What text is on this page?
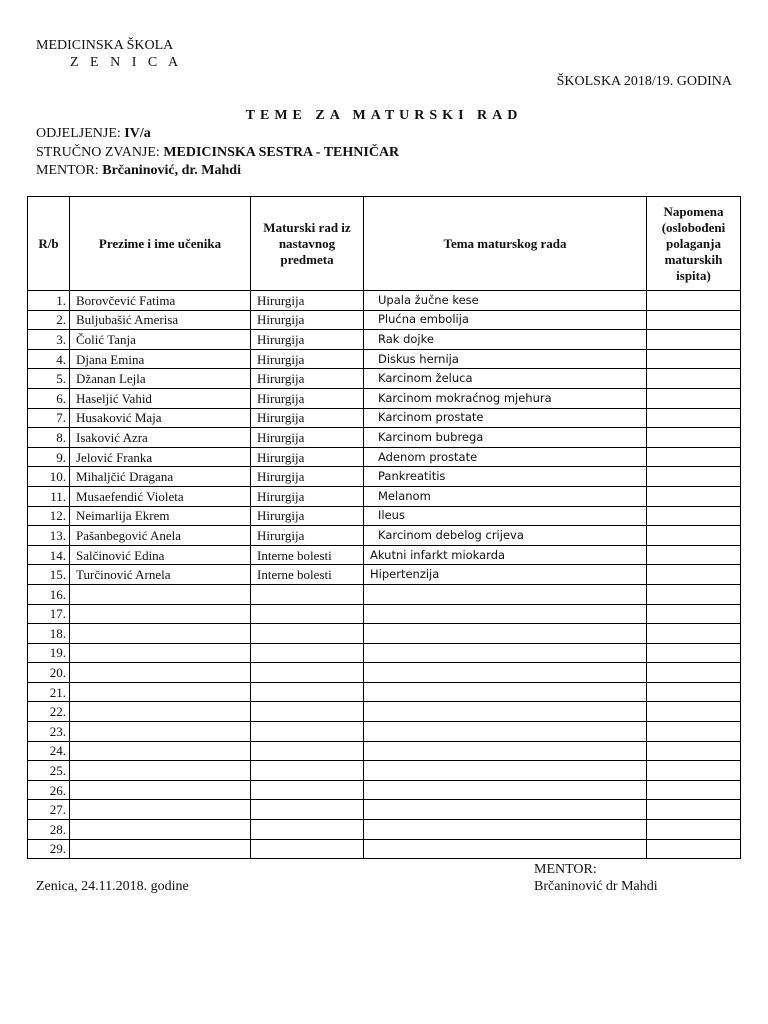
MEDICINSKA ŠKOLA
Z E N I C A
ŠKOLSKA 2018/19. GODINA
TEME ZA MATURSKI RAD
ODJELJENJE: IV/a
STRUČNO ZVANJE: MEDICINSKA SESTRA - TEHNIČAR
MENTOR: Brčaninović, dr. Mahdi
R/b	Prezime i ime učenika	Maturski rad iz nastavnog predmeta	Tema maturskog rada	Napomena (oslobođeni polaganja maturskih ispita)
1.	Borovčević Fatima	Hirurgija	Upala žučne kese	
2.	Buljubašić Amerisa	Hirurgija	Plućna embolija	
3.	Čolić Tanja	Hirurgija	Rak dojke	
4.	Djana Emina	Hirurgija	Diskus hernija	
5.	Džanan Lejla	Hirurgija	Karcinom želuca	
6.	Haseljić Vahid	Hirurgija	Karcinom mokraćnog mjehura	
7.	Husaković Maja	Hirurgija	Karcinom prostate	
8.	Isaković Azra	Hirurgija	Karcinom bubrega	
9.	Jelović Franka	Hirurgija	Adenom prostate	
10.	Mihaljčić Dragana	Hirurgija	Pankreatitis	
11.	Musaefendić Violeta	Hirurgija	Melanom	
12.	Neimarlija Ekrem	Hirurgija	Ileus	
13.	Pašanbegović Anela	Hirurgija	Karcinom debelog crijeva	
14.	Salčinović Edina	Interne bolesti	Akutni infarkt miokarda	
15.	Turčinović Arnela	Interne bolesti	Hipertenzija	
16.				
17.				
18.				
19.				
20.				
21.				
22.				
23.				
24.				
25.				
26.				
27.				
28.				
29.				
Zenica, 24.11.2018. godine
MENTOR:
Brčaninović dr Mahdi
